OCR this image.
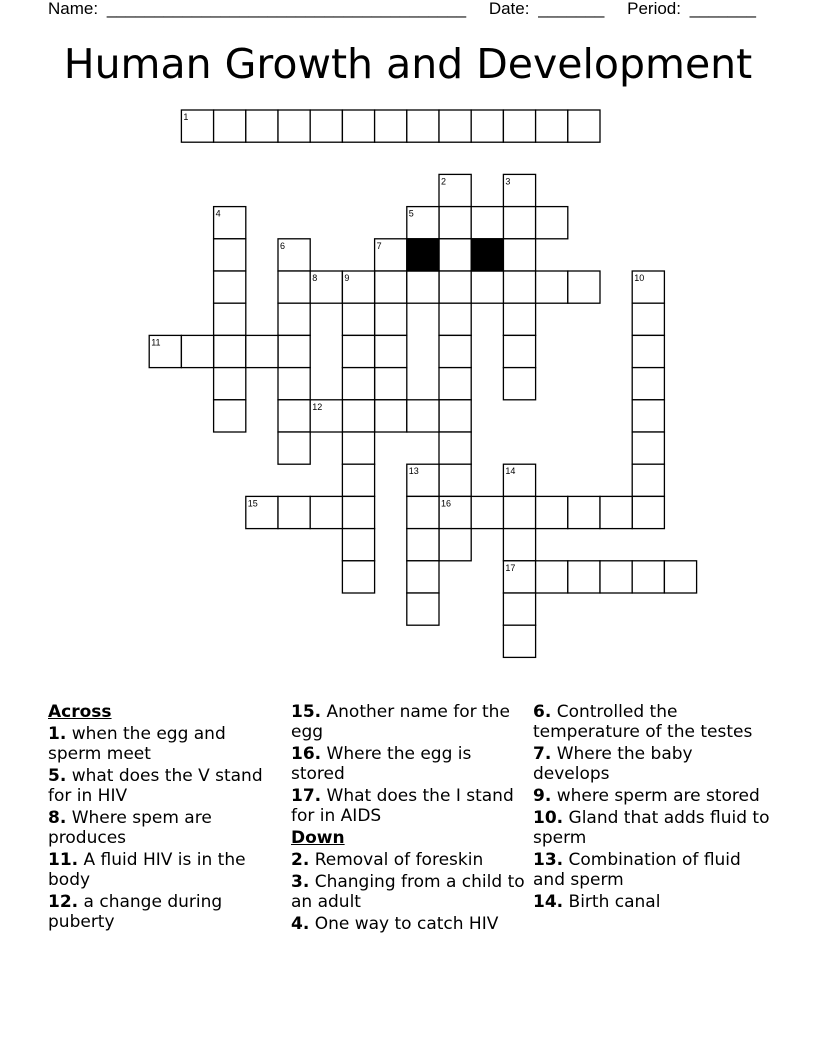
Name: ______________________________________ Date: _______ Period: _______
Human Growth and Development
1
2	3
4	5
6	7
8	9	10
11
12
13	14
15	16
17
Across
1. when the egg and sperm meet
5. what does the V stand for in HIV
8. Where spem are produces
11. A fluid HIV is in the body
12. a change during puberty
15. Another name for the egg
16. Where the egg is stored
17. What does the I stand for in AIDS
Down
2. Removal of foreskin
3. Changing from a child to an adult
4. One way to catch HIV
6. Controlled the temperature of the testes
7. Where the baby develops
9. where sperm are stored
10. Gland that adds fluid to sperm
13. Combination of fluid and sperm
14. Birth canal
